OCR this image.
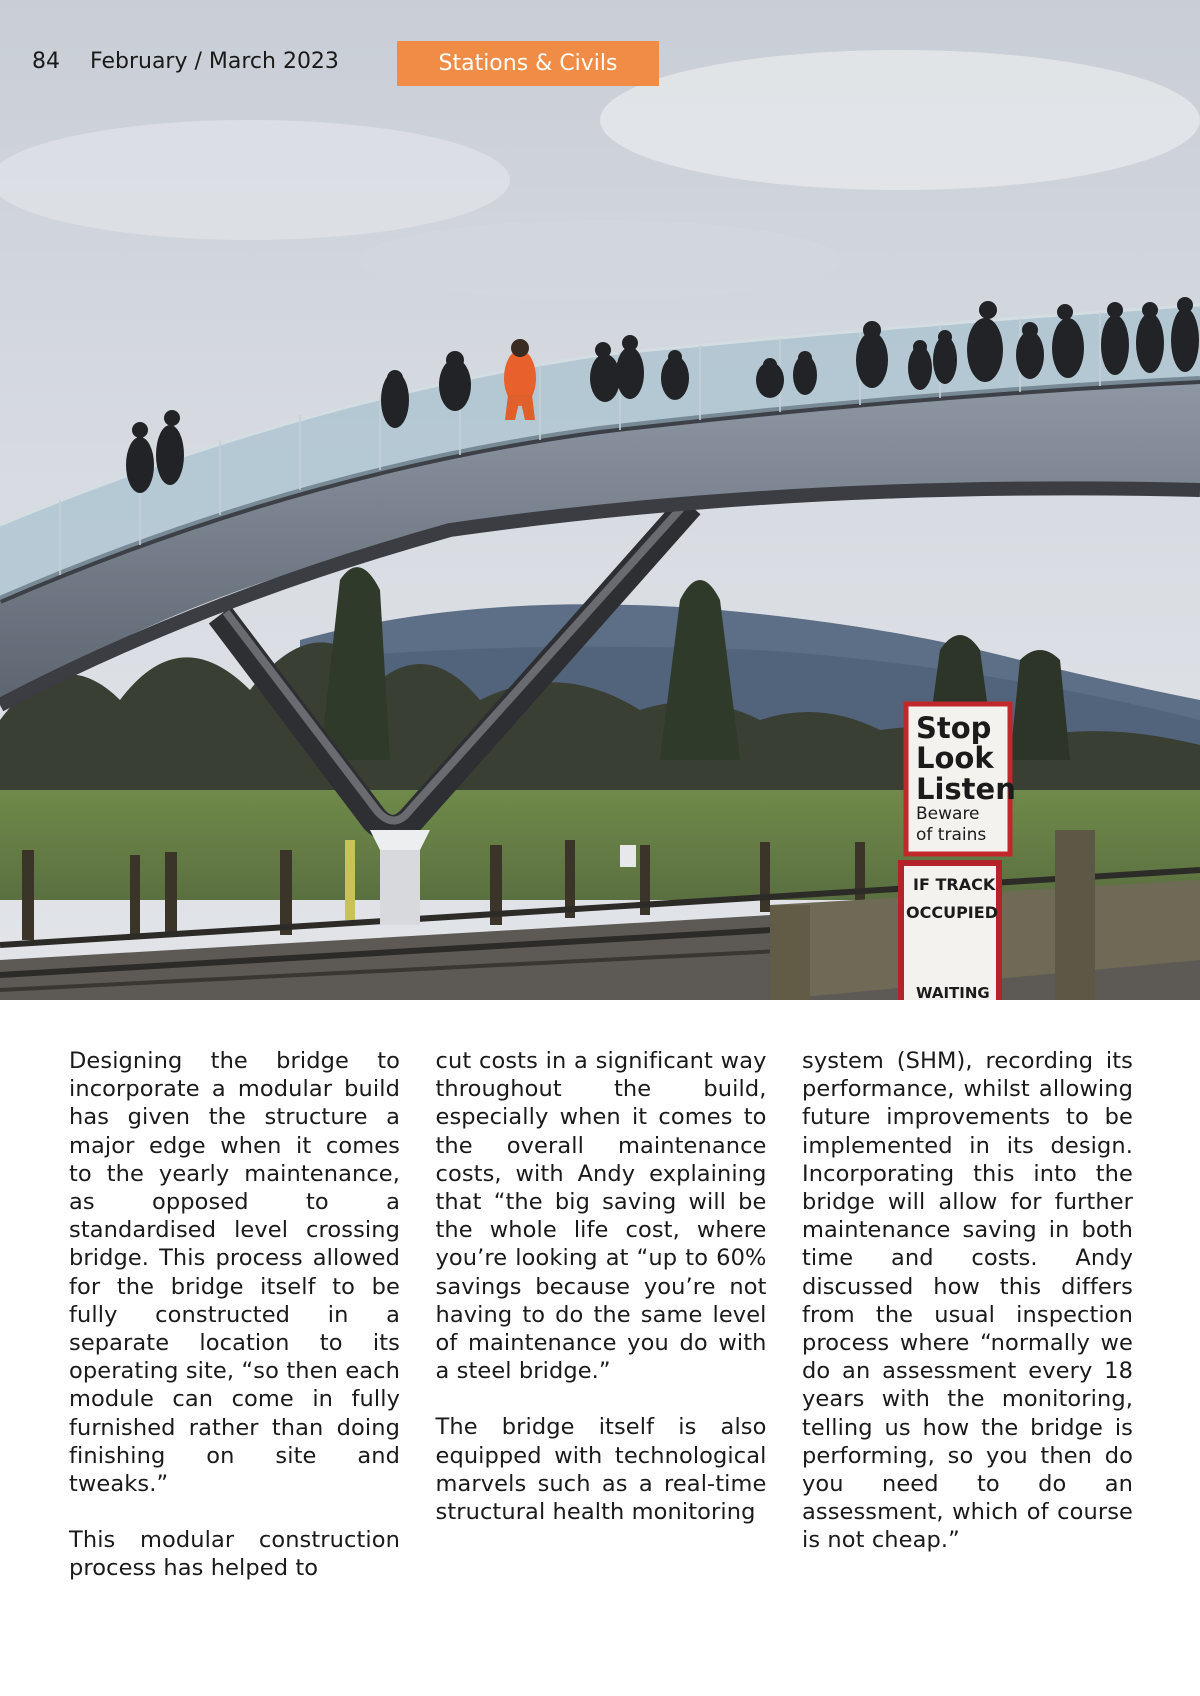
Stop
Look
Listen
Beware
of trains
IF TRACK
OCCUPIED
WAITING
84 February / March 2023	Stations & Civils

Designing the bridge to incorporate a modular build has given the structure a major edge when it comes to the yearly maintenance, as opposed to a standardised level crossing bridge. This process allowed for the bridge itself to be fully constructed in a separate location to its operating site, “so then each module can come in fully furnished rather than doing finishing on site and tweaks.”

This modular construction process has helped to

cut costs in a significant way throughout the build, especially when it comes to the overall maintenance costs, with Andy explaining that “the big saving will be the whole life cost, where you’re looking at “up to 60% savings because you’re not having to do the same level of maintenance you do with a steel bridge.”

The bridge itself is also equipped with technological marvels such as a real-time structural health monitoring

system (SHM), recording its performance, whilst allowing future improvements to be implemented in its design. Incorporating this into the bridge will allow for further maintenance saving in both time and costs. Andy discussed how this differs from the usual inspection process where “normally we do an assessment every 18 years with the monitoring, telling us how the bridge is performing, so you then do you need to do an assessment, which of course is not cheap.”
